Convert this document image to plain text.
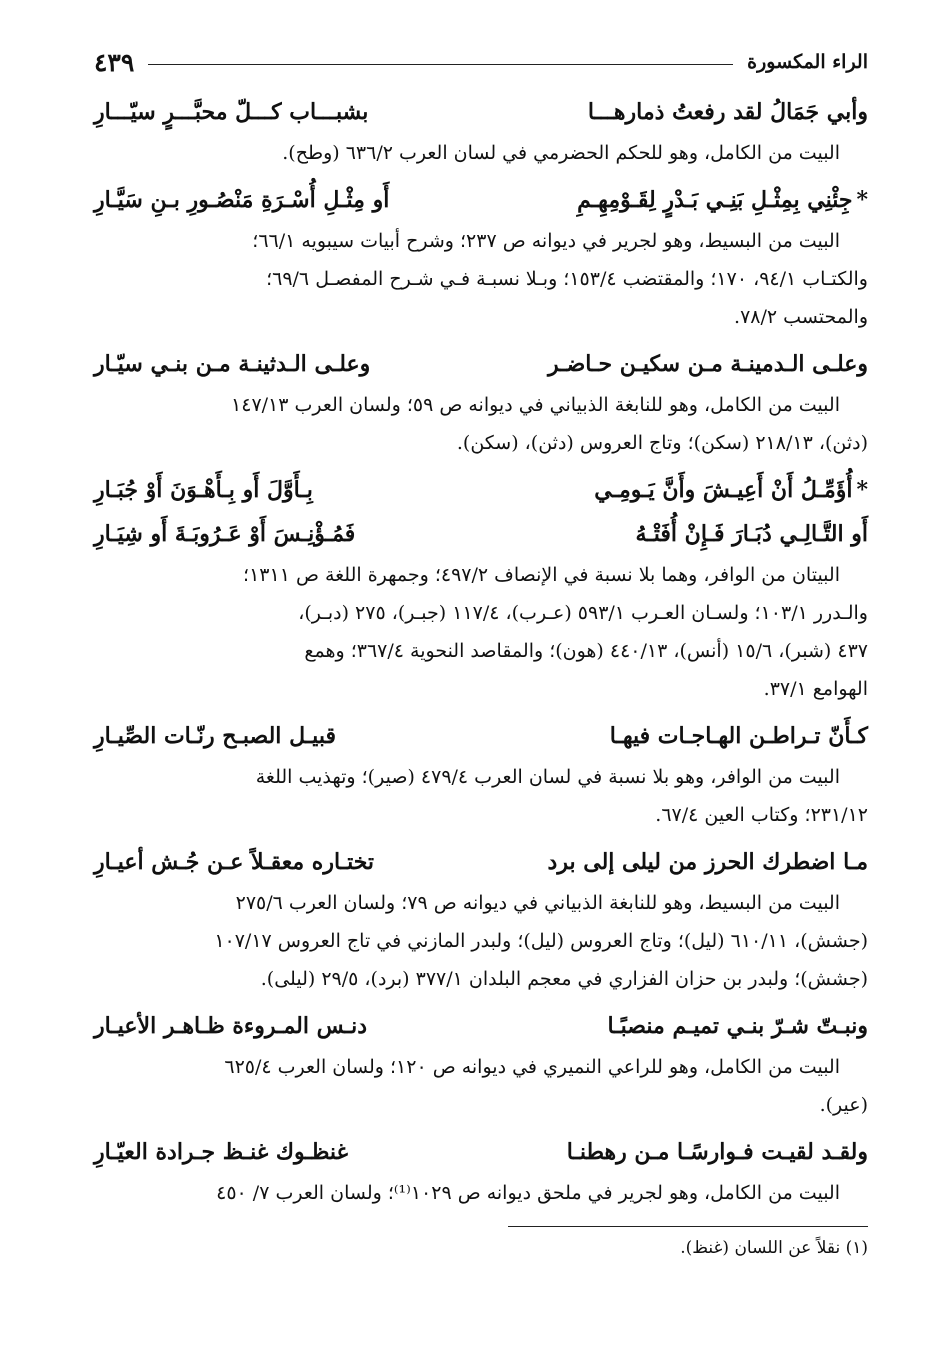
الراء المكسورة
٤٣٩
وأبي جَمَالُ لقد رفعتُ ذمارهـــا
بشبـــاب كـــلّ محبَّـــرٍ سيّـــارِ
البيت من الكامل، وهو للحكم الحضرمي في لسان العرب ٦٣٦/٢ (وطح).
*جِئْنِي بِمِثْـلِ بَنِـي بَـدْرٍ لِقَـوْمِهِـمِ
أَو مِثْـلِ أُسْـرَةِ مَنْصُـورِ بـنِ سَيَّـارِ
البيت من البسيط، وهو لجرير في ديوانه ص ٢٣٧؛ وشرح أبيات سيبويه ٦٦/١؛
والكتـاب ٩٤/١، ١٧٠؛ والمقتضب ١٥٣/٤؛ وبـلا نسبـة فـي شـرح المفصـل ٦٩/٦؛
والمحتسب ٧٨/٢.
وعلـى الـدمينـة مـن سكيـن حـاضـر
وعلـى الـدثينـة مـن بنـي سيّـار
البيت من الكامل، وهو للنابغة الذبياني في ديوانه ص ٥٩؛ ولسان العرب ١٤٧/١٣
(دثن)، ٢١٨/١٣ (سكن)؛ وتاج العروس (دثن)، (سكن).
*أُؤَمِّـلُ أَنْ أَعِيـشَ وأَنَّ يَـومِـي
بِـأَوَّلَ أَو بِـأَهْـوَنَ أَوْ جُبَـارِ
أَو التَّـالِـي دُبَـارَ فَـإِنْ أُفَتْـهُ
فَمُـؤْنِـسَ أَوْ عَـرُوبَـةَ أَو شِيَـارِ
البيتان من الوافر، وهما بلا نسبة في الإنصاف ٤٩٧/٢؛ وجمهرة اللغة ص ١٣١١؛
والـدرر ١٠٣/١؛ ولسـان العـرب ٥٩٣/١ (عـرب)، ١١٧/٤ (جبـر)، ٢٧٥ (دبـر)،
٤٣٧ (شبر)، ١٥/٦ (أنس)، ٤٤٠/١٣ (هون)؛ والمقاصد النحوية ٣٦٧/٤؛ وهمع
الهوامع ٣٧/١.
كـأَنّ تـراطـن الهـاجـات فيهـا
قبيـل الصبـح رنّـات الصِّيـارِ
البيت من الوافر، وهو بلا نسبة في لسان العرب ٤٧٩/٤ (صير)؛ وتهذيب اللغة
٢٣١/١٢؛ وكتاب العين ٦٧/٤.
مـا اضطرك الحرز من ليلى إلى برد
تختـاره معقـلاً عـن جُـش أعيـارِ
البيت من البسيط، وهو للنابغة الذبياني في ديوانه ص ٧٩؛ ولسان العرب ٢٧٥/٦
(جشش)، ٦١٠/١١ (ليل)؛ وتاج العروس (ليل)؛ ولبدر المازني في تاج العروس ١٠٧/١٧
(جشش)؛ ولبدر بن حزان الفزاري في معجم البلدان ٣٧٧/١ (برد)، ٢٩/٥ (ليلى).
ونبـتّ شـرّ بنـي تميـم منصبًـا
دنـس المـروءة ظـاهـر الأعيـار
البيت من الكامل، وهو للراعي النميري في ديوانه ص ١٢٠؛ ولسان العرب ٦٢٥/٤
(عير).
ولقـد لقيـت فـوارسًـا مـن رهطنـا
غنظـوك غنـظ جـرادة العيّـارِ
البيت من الكامل، وهو لجرير في ملحق ديوانه ص ١٠٢٩⁽¹⁾؛ ولسان العرب ٧/ ٤٥٠
(١) نقلاً عن اللسان (غنظ).
